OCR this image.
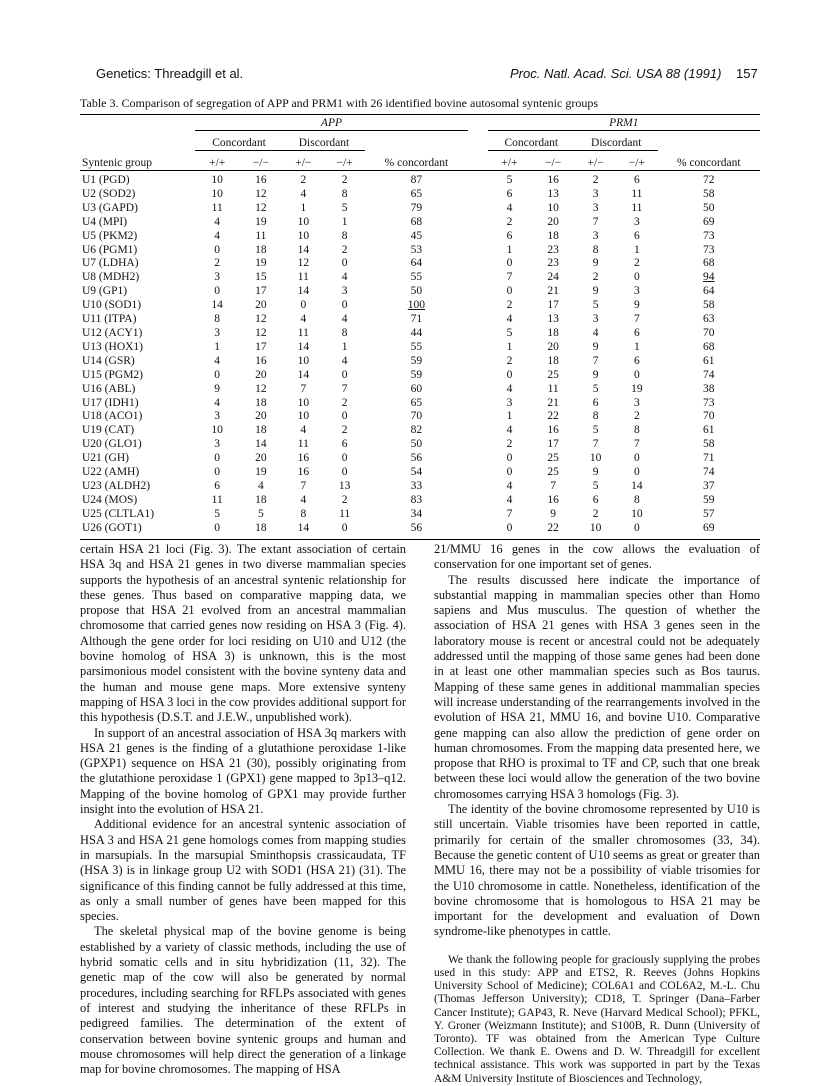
Genetics: Threadgill et al.	Proc. Natl. Acad. Sci. USA 88 (1991) 157
Table 3. Comparison of segregation of APP and PRM1 with 26 identified bovine autosomal syntenic groups
	APP						PRM1				
	Concordant		Discordant				Concordant		Discordant		
Syntenic group	+/+	−/−	+/−	−/+	% concordant		+/+	−/−	+/−	−/+	% concordant
U1 (PGD)	10	16	2	2	87		5	16	2	6	72
U2 (SOD2)	10	12	4	8	65		6	13	3	11	58
U3 (GAPD)	11	12	1	5	79		4	10	3	11	50
U4 (MPI)	4	19	10	1	68		2	20	7	3	69
U5 (PKM2)	4	11	10	8	45		6	18	3	6	73
U6 (PGM1)	0	18	14	2	53		1	23	8	1	73
U7 (LDHA)	2	19	12	0	64		0	23	9	2	68
U8 (MDH2)	3	15	11	4	55		7	24	2	0	94
U9 (GP1)	0	17	14	3	50		0	21	9	3	64
U10 (SOD1)	14	20	0	0	100		2	17	5	9	58
U11 (ITPA)	8	12	4	4	71		4	13	3	7	63
U12 (ACY1)	3	12	11	8	44		5	18	4	6	70
U13 (HOX1)	1	17	14	1	55		1	20	9	1	68
U14 (GSR)	4	16	10	4	59		2	18	7	6	61
U15 (PGM2)	0	20	14	0	59		0	25	9	0	74
U16 (ABL)	9	12	7	7	60		4	11	5	19	38
U17 (IDH1)	4	18	10	2	65		3	21	6	3	73
U18 (ACO1)	3	20	10	0	70		1	22	8	2	70
U19 (CAT)	10	18	4	2	82		4	16	5	8	61
U20 (GLO1)	3	14	11	6	50		2	17	7	7	58
U21 (GH)	0	20	16	0	56		0	25	10	0	71
U22 (AMH)	0	19	16	0	54		0	25	9	0	74
U23 (ALDH2)	6	4	7	13	33		4	7	5	14	37
U24 (MOS)	11	18	4	2	83		4	16	6	8	59
U25 (CLTLA1)	5	5	8	11	34		7	9	2	10	57
U26 (GOT1)	0	18	14	0	56		0	22	10	0	69

certain HSA 21 loci (Fig. 3). The extant association of certain HSA 3q and HSA 21 genes in two diverse mammalian species supports the hypothesis of an ancestral syntenic relationship for these genes. Thus based on comparative mapping data, we propose that HSA 21 evolved from an ancestral mammalian chromosome that carried genes now residing on HSA 3 (Fig. 4). Although the gene order for loci residing on U10 and U12 (the bovine homolog of HSA 3) is unknown, this is the most parsimonious model consistent with the bovine synteny data and the human and mouse gene maps. More extensive synteny mapping of HSA 3 loci in the cow provides additional support for this hypothesis (D.S.T. and J.E.W., unpublished work).

In support of an ancestral association of HSA 3q markers with HSA 21 genes is the finding of a glutathione peroxidase 1-like (GPXP1) sequence on HSA 21 (30), possibly originating from the glutathione peroxidase 1 (GPX1) gene mapped to 3p13–q12. Mapping of the bovine homolog of GPX1 may provide further insight into the evolution of HSA 21.

Additional evidence for an ancestral syntenic association of HSA 3 and HSA 21 gene homologs comes from mapping studies in marsupials. In the marsupial Sminthopsis crassicaudata, TF (HSA 3) is in linkage group U2 with SOD1 (HSA 21) (31). The significance of this finding cannot be fully addressed at this time, as only a small number of genes have been mapped for this species.

The skeletal physical map of the bovine genome is being established by a variety of classic methods, including the use of hybrid somatic cells and in situ hybridization (11, 32). The genetic map of the cow will also be generated by normal procedures, including searching for RFLPs associated with genes of interest and studying the inheritance of these RFLPs in pedigreed families. The determination of the extent of conservation between bovine syntenic groups and human and mouse chromosomes will help direct the generation of a linkage map for bovine chromosomes. The mapping of HSA

21/MMU 16 genes in the cow allows the evaluation of conservation for one important set of genes.

The results discussed here indicate the importance of substantial mapping in mammalian species other than Homo sapiens and Mus musculus. The question of whether the association of HSA 21 genes with HSA 3 genes seen in the laboratory mouse is recent or ancestral could not be adequately addressed until the mapping of those same genes had been done in at least one other mammalian species such as Bos taurus. Mapping of these same genes in additional mammalian species will increase understanding of the rearrangements involved in the evolution of HSA 21, MMU 16, and bovine U10. Comparative gene mapping can also allow the prediction of gene order on human chromosomes. From the mapping data presented here, we propose that RHO is proximal to TF and CP, such that one break between these loci would allow the generation of the two bovine chromosomes carrying HSA 3 homologs (Fig. 3).

The identity of the bovine chromosome represented by U10 is still uncertain. Viable trisomies have been reported in cattle, primarily for certain of the smaller chromosomes (33, 34). Because the genetic content of U10 seems as great or greater than MMU 16, there may not be a possibility of viable trisomies for the U10 chromosome in cattle. Nonetheless, identification of the bovine chromosome that is homologous to HSA 21 may be important for the development and evaluation of Down syndrome-like phenotypes in cattle.

We thank the following people for graciously supplying the probes used in this study: APP and ETS2, R. Reeves (Johns Hopkins University School of Medicine); COL6A1 and COL6A2, M.-L. Chu (Thomas Jefferson University); CD18, T. Springer (Dana–Farber Cancer Institute); GAP43, R. Neve (Harvard Medical School); PFKL, Y. Groner (Weizmann Institute); and S100B, R. Dunn (University of Toronto). TF was obtained from the American Type Culture Collection. We thank E. Owens and D. W. Threadgill for excellent technical assistance. This work was supported in part by the Texas A&M University Institute of Biosciences and Technology,
